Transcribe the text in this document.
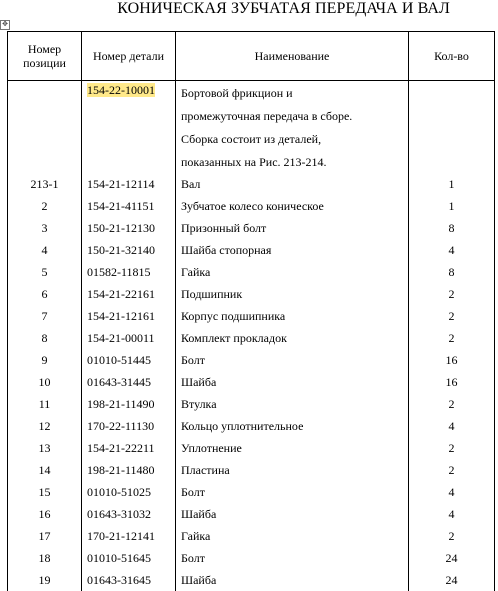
КОНИЧЕСКАЯ ЗУБЧАТАЯ ПЕРЕДАЧА И ВАЛ
✥
Номер позиции	Номер детали	Наименование	Кол-во
	154-22-10001	Бортовой фрикцион и
промежуточная передача в сборе.
Сборка состоит из деталей,
показанных на Рис. 213-214.	

213-1	154-21-12114	Вал	1
2	154-21-41151	Зубчатое колесо коническое	1
3	150-21-12130	Призонный болт	8
4	150-21-32140	Шайба стопорная	4
5	01582-11815	Гайка	8
6	154-21-22161	Подшипник	2
7	154-21-12161	Корпус подшипника	2
8	154-21-00011	Комплект прокладок	2
9	01010-51445	Болт	16
10	01643-31445	Шайба	16
11	198-21-11490	Втулка	2
12	170-22-11130	Кольцо уплотнительное	4
13	154-21-22211	Уплотнение	2
14	198-21-11480	Пластина	2
15	01010-51025	Болт	4
16	01643-31032	Шайба	4
17	170-21-12141	Гайка	2
18	01010-51645	Болт	24
19	01643-31645	Шайба	24
